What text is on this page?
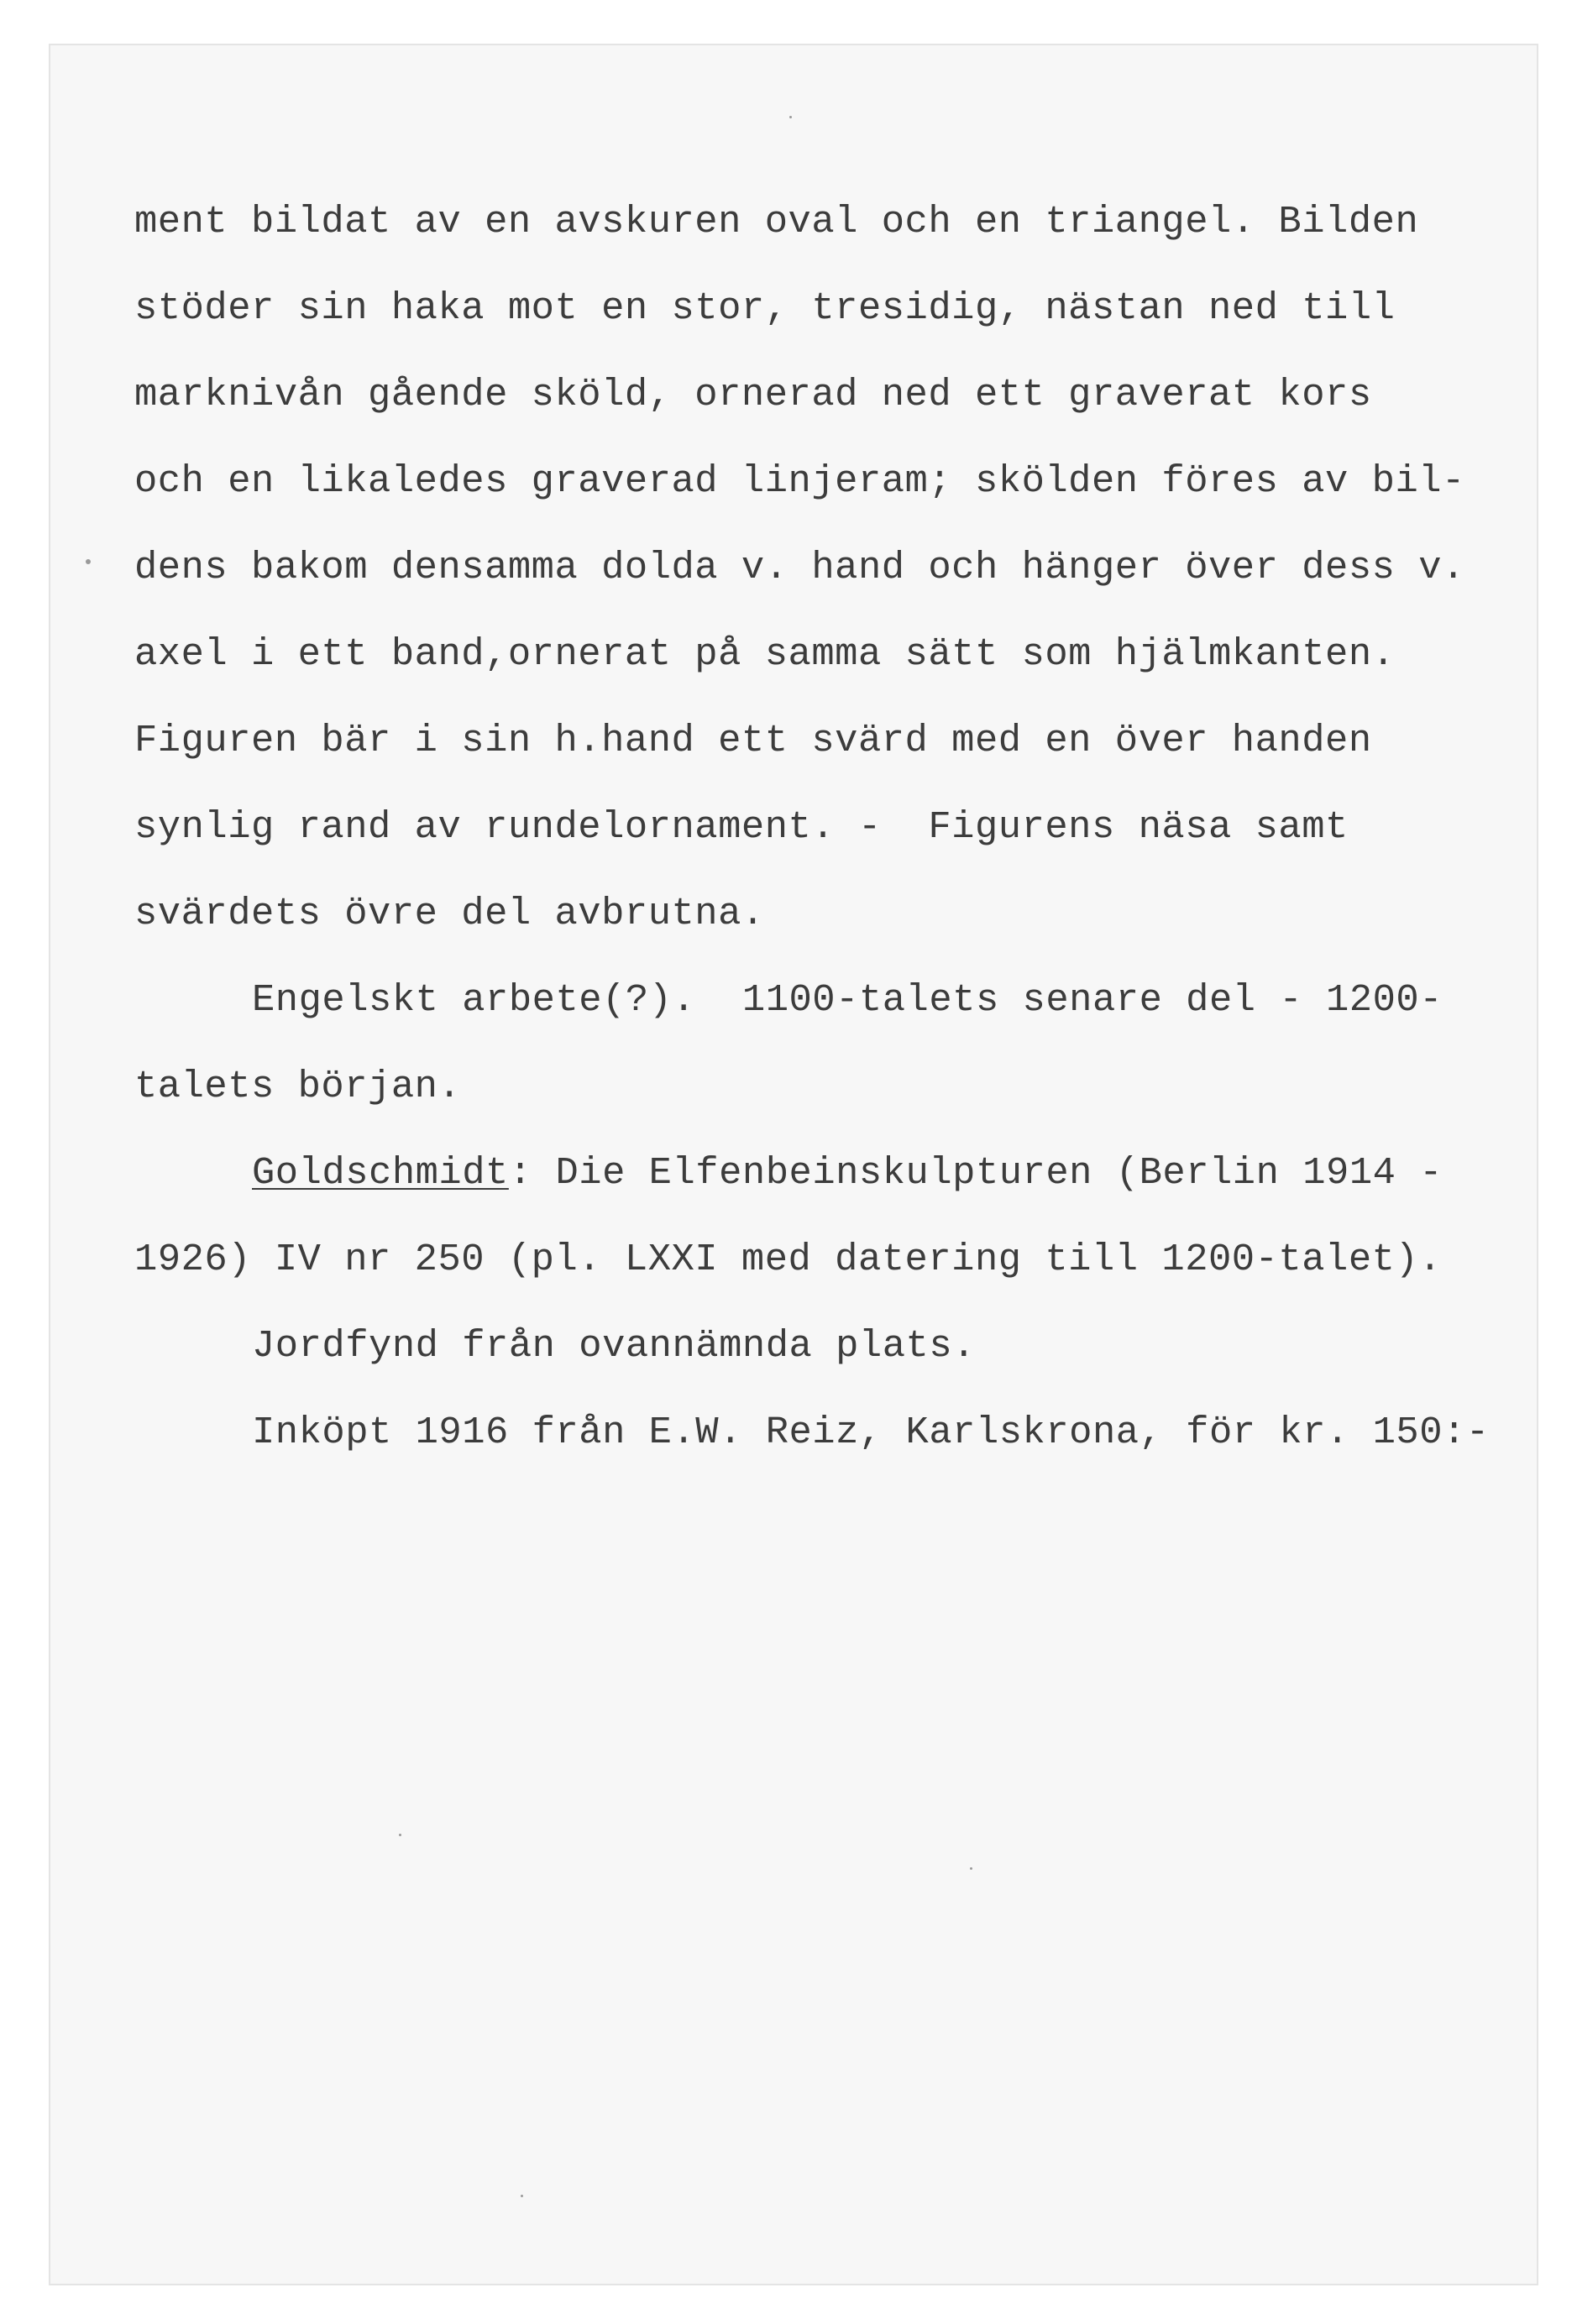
ment bildat av en avskuren oval och en triangel. Bilden
stöder sin haka mot en stor, tresidig, nästan ned till
marknivån gående sköld, ornerad ned ett graverat kors
och en likaledes graverad linjeram; skölden föres av bil-
dens bakom densamma dolda v. hand och hänger över dess v.
axel i ett band,ornerat på samma sätt som hjälmkanten.
Figuren bär i sin h.hand ett svärd med en över handen
synlig rand av rundelornament. -  Figurens näsa samt
svärdets övre del avbrutna.
Engelskt arbete(?).  1100-talets senare del - 1200-
talets början.
Goldschmidt: Die Elfenbeinskulpturen (Berlin 1914 -
1926) IV nr 250 (pl. LXXI med datering till 1200-talet).
Jordfynd från ovannämnda plats.
Inköpt 1916 från E.W. Reiz, Karlskrona, för kr. 150:-
